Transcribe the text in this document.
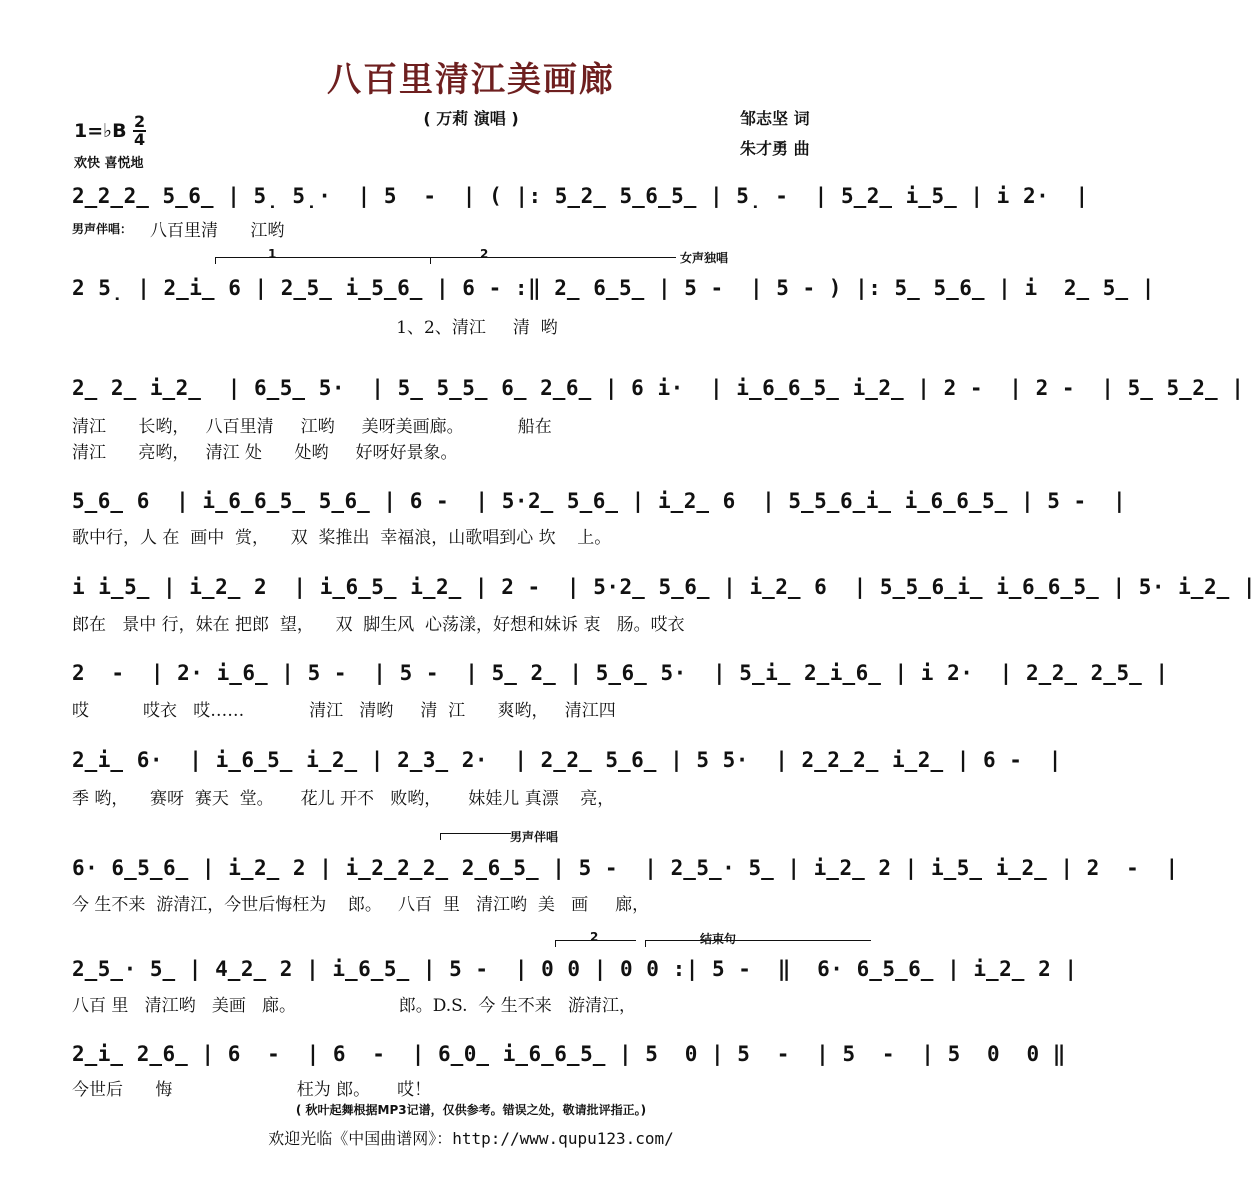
八百里清江美画廊
( 万莉 演唱 )
1=♭B 2
4
欢快 喜悦地
邹志坚 词
朱才勇 曲
2̲2̲2̲ 5̲6̲ | 5̣ 5̣·  | 5  -  | ( |: 5̲2̲ 5̲6̲5̲ | 5̣ -  | 5̲2̲ i̲5̲ | i 2·  |
男声伴唱： 八百里清      江哟
1	2	女声独唱
2 5̣ | 2̲i̲ 6 | 2̲5̲ i̲5̲6̲ | 6 - :‖ 2̲ 6̲5̲ | 5 -  | 5 - ) |: 5̲ 5̲6̲ | i  2̲ 5̲ |
1、2、清江     清  哟
2̲ 2̲ i̲2̲  | 6̲5̲ 5·  | 5̲ 5̲5̲ 6̲ 2̲6̲ | 6 i·  | i̲6̲6̲5̲ i̲2̲ | 2 -  | 2 -  | 5̲ 5̲2̲ |
清江      长哟，   八百里清     江哟     美呀美画廊。          船在
清江      亮哟，   清江 处      处哟     好呀好景象。
5̲6̲ 6  | i̲6̲6̲5̲ 5̲6̲ | 6 -  | 5·2̲ 5̲6̲ | i̲2̲ 6  | 5̲5̲6̲i̲ i̲6̲6̲5̲ | 5 -  |
歌中行，人 在  画中  赏，    双  桨推出  幸福浪，山歌唱到心 坎    上。
i i̲5̲ | i̲2̲ 2  | i̲6̲5̲ i̲2̲ | 2 -  | 5·2̲ 5̲6̲ | i̲2̲ 6  | 5̲5̲6̲i̲ i̲6̲6̲5̲ | 5· i̲2̲ |
郎在   景中 行，妹在 把郎  望，    双  脚生风  心荡漾，好想和妹诉 衷   肠。哎衣
2  -  | 2· i̲6̲ | 5 -  | 5 -  | 5̲ 2̲ | 5̲6̲ 5·  | 5̲i̲ 2̲i̲6̲ | i 2·  | 2̲2̲ 2̲5̲ |
哎          哎衣   哎……            清江   清哟     清  江      爽哟，   清江四
2̲i̲ 6·  | i̲6̲5̲ i̲2̲ | 2̲3̲ 2·  | 2̲2̲ 5̲6̲ | 5 5·  | 2̲2̲2̲ i̲2̲ | 6 -  |
季 哟，    赛呀  赛天  堂。     花儿 开不   败哟，     妹娃儿 真漂    亮，
男声伴唱
6· 6̲5̲6̲ | i̲2̲ 2 | i̲2̲2̲2̲ 2̲6̲5̲ | 5 -  | 2̲5̲· 5̲ | i̲2̲ 2 | i̲5̲ i̲2̲ | 2  -  |
今 生不来  游清江，今世后悔枉为    郎。   八百  里   清江哟  美   画     廊，
2	结束句
2̲5̲· 5̲ | 4̲2̲ 2 | i̲6̲5̲ | 5 -  | 0 0 | 0 0 :| 5 -  ‖  6· 6̲5̲6̲ | i̲2̲ 2 |
八百 里   清江哟   美画   廊。                   郎。D.S.  今 生不来   游清江，
2̲i̲ 2̲6̲ | 6  -  | 6  -  | 6̲0̲ i̲6̲6̲5̲ | 5  0 | 5  -  | 5  -  | 5  0  0 ‖
今世后      悔                       枉为 郎。     哎！
( 秋叶起舞根据MP3记谱，仅供参考。错误之处，敬请批评指正。)
欢迎光临《中国曲谱网》：http://www.qupu123.com/
